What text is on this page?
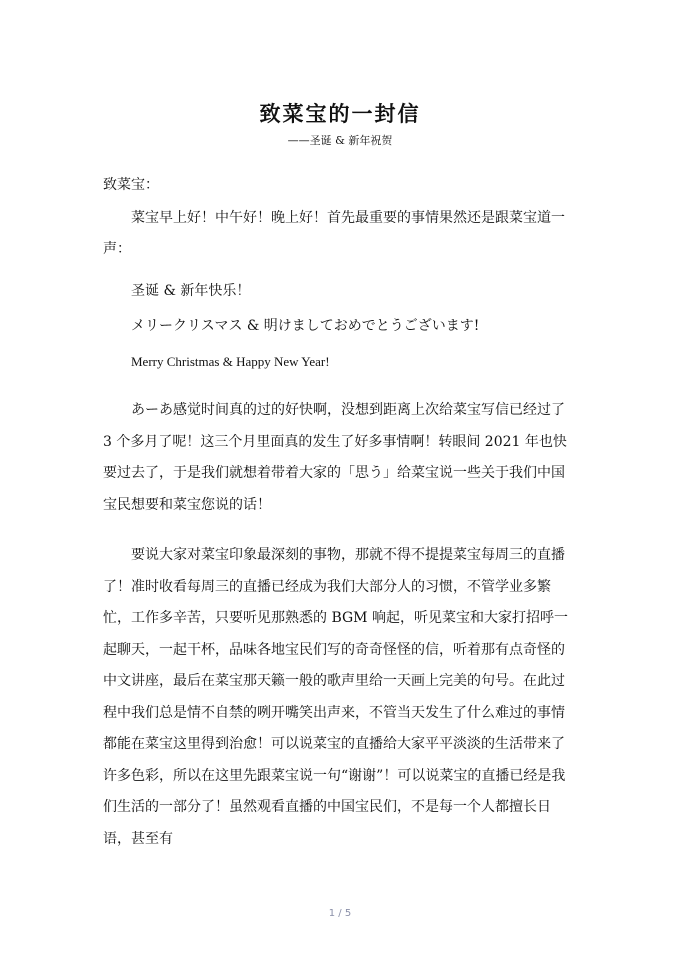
致菜宝的一封信

——圣诞 & 新年祝贺

致菜宝：

菜宝早上好！中午好！晚上好！首先最重要的事情果然还是跟菜宝道一声：

圣诞 & 新年快乐！

メリークリスマス & 明けましておめでとうございます!

Merry Christmas & Happy New Year!

あーあ感觉时间真的过的好快啊，没想到距离上次给菜宝写信已经过了 3 个多月了呢！这三个月里面真的发生了好多事情啊！转眼间 2021 年也快要过去了，于是我们就想着带着大家的「思う」给菜宝说一些关于我们中国宝民想要和菜宝您说的话！

要说大家对菜宝印象最深刻的事物，那就不得不提提菜宝每周三的直播了！准时收看每周三的直播已经成为我们大部分人的习惯，不管学业多繁忙，工作多辛苦，只要听见那熟悉的 BGM 响起，听见菜宝和大家打招呼一起聊天，一起干杯，品味各地宝民们写的奇奇怪怪的信，听着那有点奇怪的中文讲座，最后在菜宝那天籁一般的歌声里给一天画上完美的句号。在此过程中我们总是情不自禁的咧开嘴笑出声来，不管当天发生了什么难过的事情都能在菜宝这里得到治愈！可以说菜宝的直播给大家平平淡淡的生活带来了许多色彩，所以在这里先跟菜宝说一句“谢谢”！可以说菜宝的直播已经是我们生活的一部分了！虽然观看直播的中国宝民们，不是每一个人都擅长日语，甚至有

1 / 5
